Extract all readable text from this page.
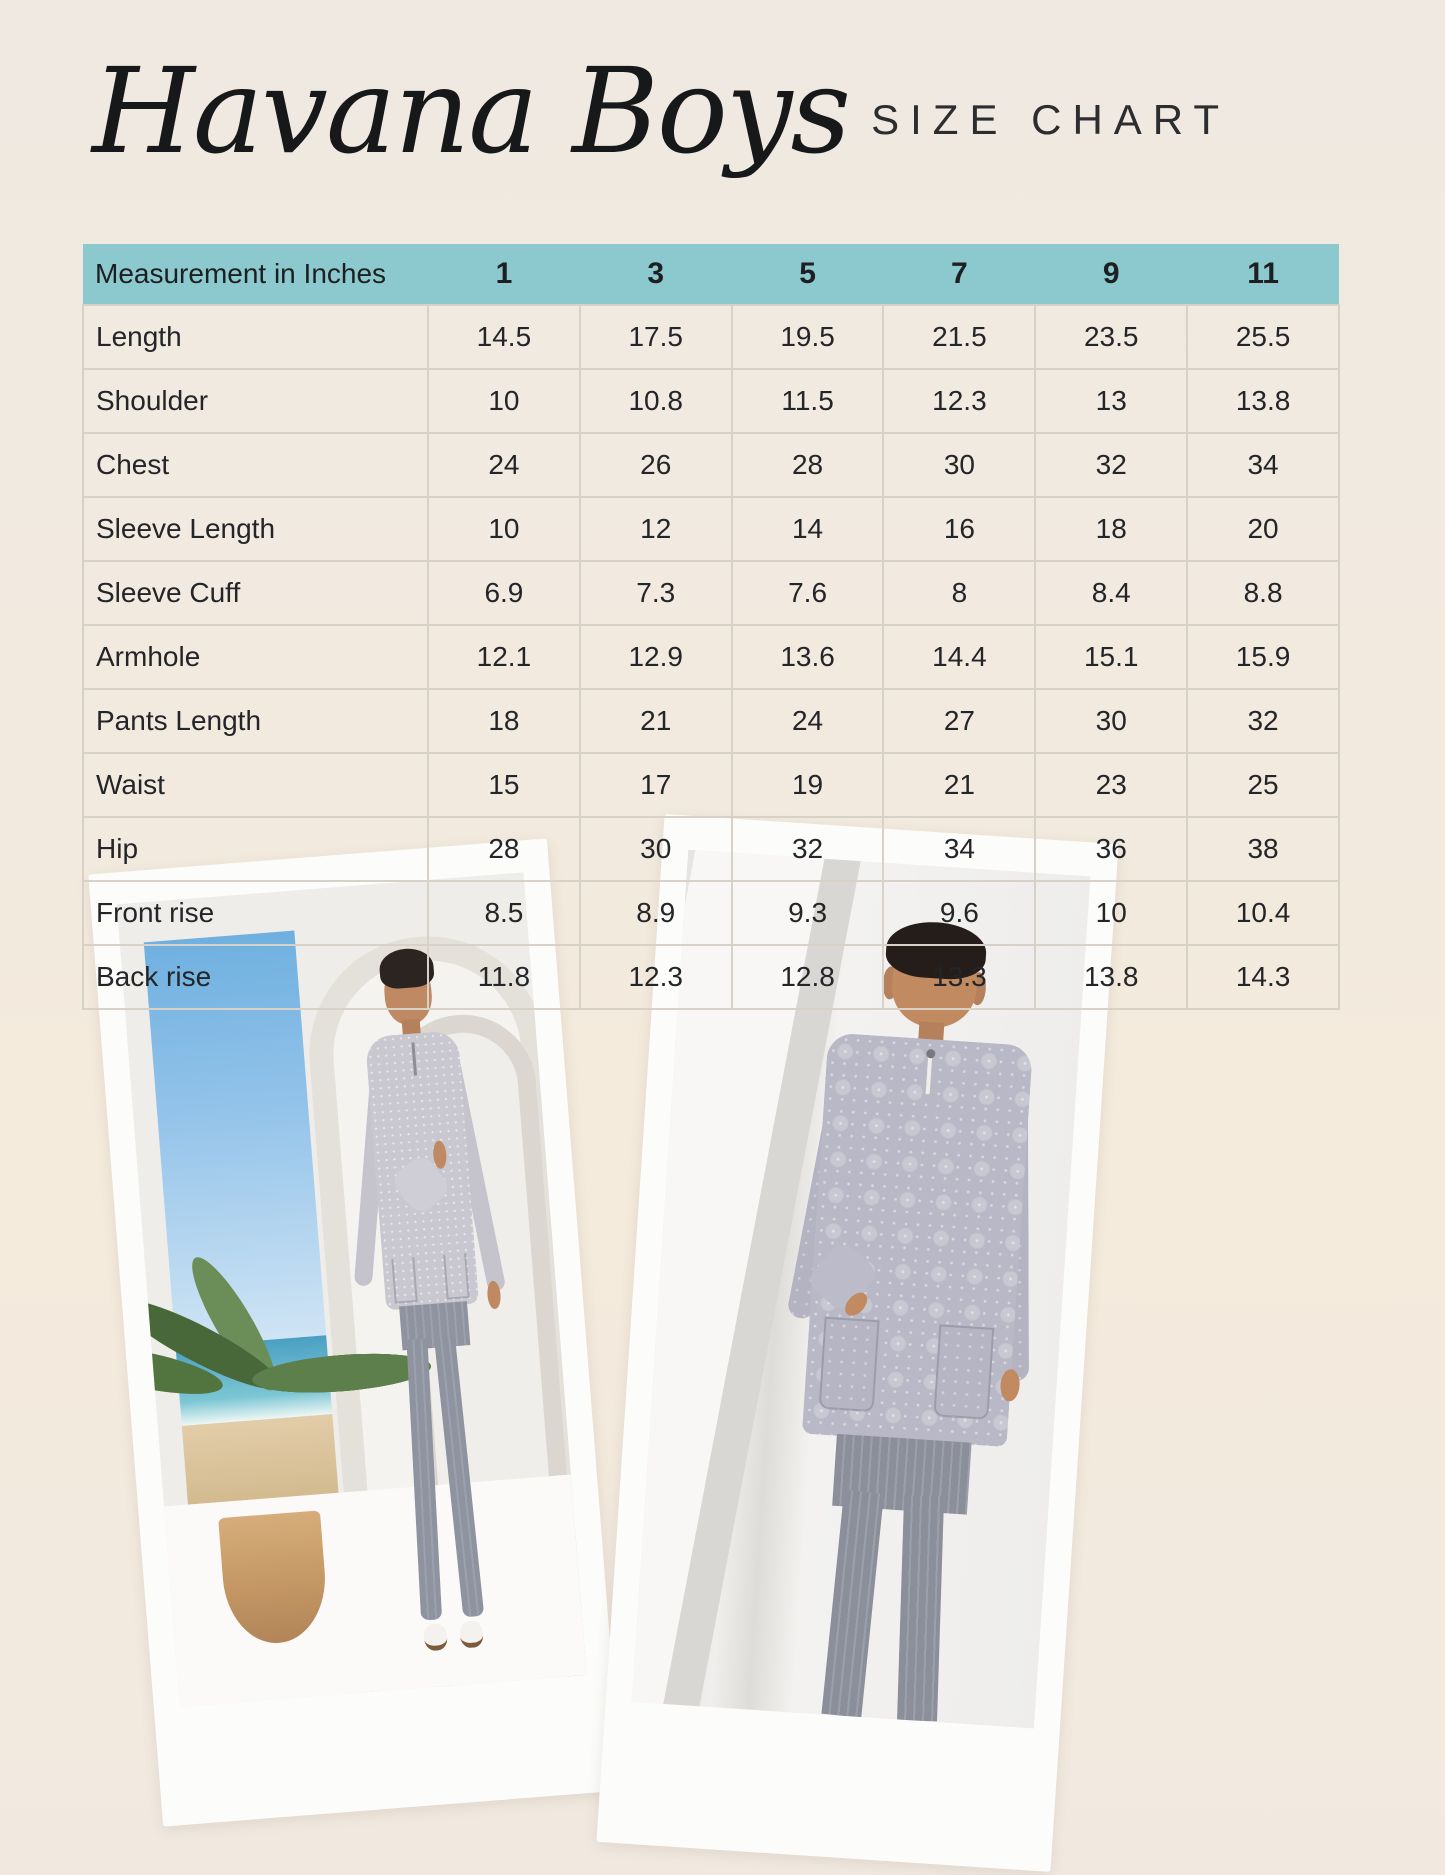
Havana Boys SIZE CHART
Measurement in Inches	1	3	5	7	9	11
Length	14.5	17.5	19.5	21.5	23.5	25.5
Shoulder	10	10.8	11.5	12.3	13	13.8
Chest	24	26	28	30	32	34
Sleeve Length	10	12	14	16	18	20
Sleeve Cuff	6.9	7.3	7.6	8	8.4	8.8
Armhole	12.1	12.9	13.6	14.4	15.1	15.9
Pants Length	18	21	24	27	30	32
Waist	15	17	19	21	23	25
Hip	28	30	32	34	36	38
Front rise	8.5	8.9	9.3	9.6	10	10.4
Back rise	11.8	12.3	12.8	13.3	13.8	14.3
